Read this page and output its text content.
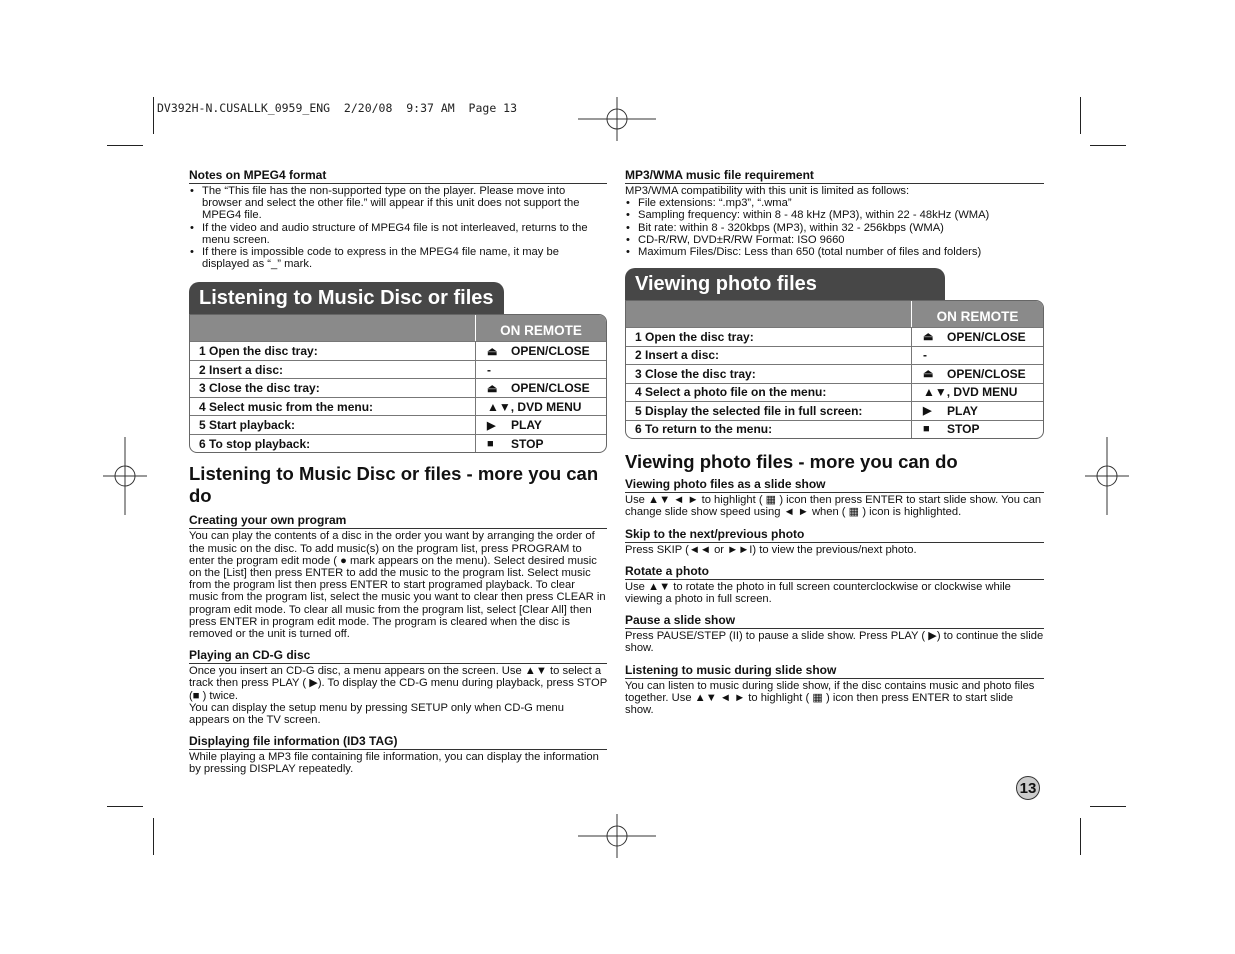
DV392H-N.CUSALLK_0959_ENG  2/20/08  9:37 AM  Page 13
Notes on MPEG4 format
• The “This file has the non-supported type on the player. Please move into browser and select the other file.” will appear if this unit does not support the MPEG4 file.
• If the video and audio structure of MPEG4 file is not interleaved, returns to the menu screen.
• If there is impossible code to express in the MPEG4 file name, it may be displayed as “_” mark.
Listening to Music Disc or files
ON REMOTE
1 Open the disc tray:	⏏ OPEN/CLOSE
2 Insert a disc:	-
3 Close the disc tray:	⏏ OPEN/CLOSE
4 Select music from the menu:	▲▼, DVD MENU
5 Start playback:	▶	PLAY
6 To stop playback:	■	STOP
Listening to Music Disc or files - more you can do
Creating your own program

You can play the contents of a disc in the order you want by arranging the order of the music on the disc. To add music(s) on the program list, press PROGRAM to enter the program edit mode ( ● mark appears on the menu). Select desired music on the [List] then press ENTER to add the music to the program list. Select music from the program list then press ENTER to start programed playback. To clear music from the program list, select the music you want to clear then press CLEAR in program edit mode. To clear all music from the program list, select [Clear All] then press ENTER in program edit mode. The program is cleared when the disc is removed or the unit is turned off.

Playing an CD-G disc

Once you insert an CD-G disc, a menu appears on the screen. Use ▲▼ to select a track then press PLAY ( ▶). To display the CD-G menu during playback, press STOP (■ ) twice.

You can display the setup menu by pressing SETUP only when CD-G menu appears on the TV screen.

Displaying file information (ID3 TAG)

While playing a MP3 file containing file information, you can display the information by pressing DISPLAY repeatedly.

MP3/WMA music file requirement

MP3/WMA compatibility with this unit is limited as follows:

• File extensions: “.mp3”, “.wma”
• Sampling frequency: within 8 - 48 kHz (MP3), within 22 - 48kHz (WMA)
• Bit rate: within 8 - 320kbps (MP3), within 32 - 256kbps (WMA)
• CD-R/RW, DVD±R/RW Format: ISO 9660
• Maximum Files/Disc: Less than 650 (total number of files and folders)
Viewing photo files
ON REMOTE
1 Open the disc tray:	⏏ OPEN/CLOSE
2 Insert a disc:	-
3 Close the disc tray:	⏏ OPEN/CLOSE
4 Select a photo file on the menu:	▲▼, DVD MENU
5 Display the selected file in full screen:	▶	PLAY
6 To return to the menu:	■	STOP
Viewing photo files - more you can do
Viewing photo files as a slide show

Use ▲▼ ◄ ► to highlight ( ▦ ) icon then press ENTER to start slide show. You can change slide show speed using ◄ ► when ( ▦ ) icon is highlighted.

Skip to the next/previous photo

Press SKIP (◄◄ or ►►I) to view the previous/next photo.

Rotate a photo

Use ▲▼ to rotate the photo in full screen counterclockwise or clockwise while viewing a photo in full screen.

Pause a slide show

Press PAUSE/STEP (II) to pause a slide show. Press PLAY ( ▶) to continue the slide show.

Listening to music during slide show

You can listen to music during slide show, if the disc contains music and photo files together. Use ▲▼ ◄ ► to highlight ( ▦ ) icon then press ENTER to start slide show.

13
